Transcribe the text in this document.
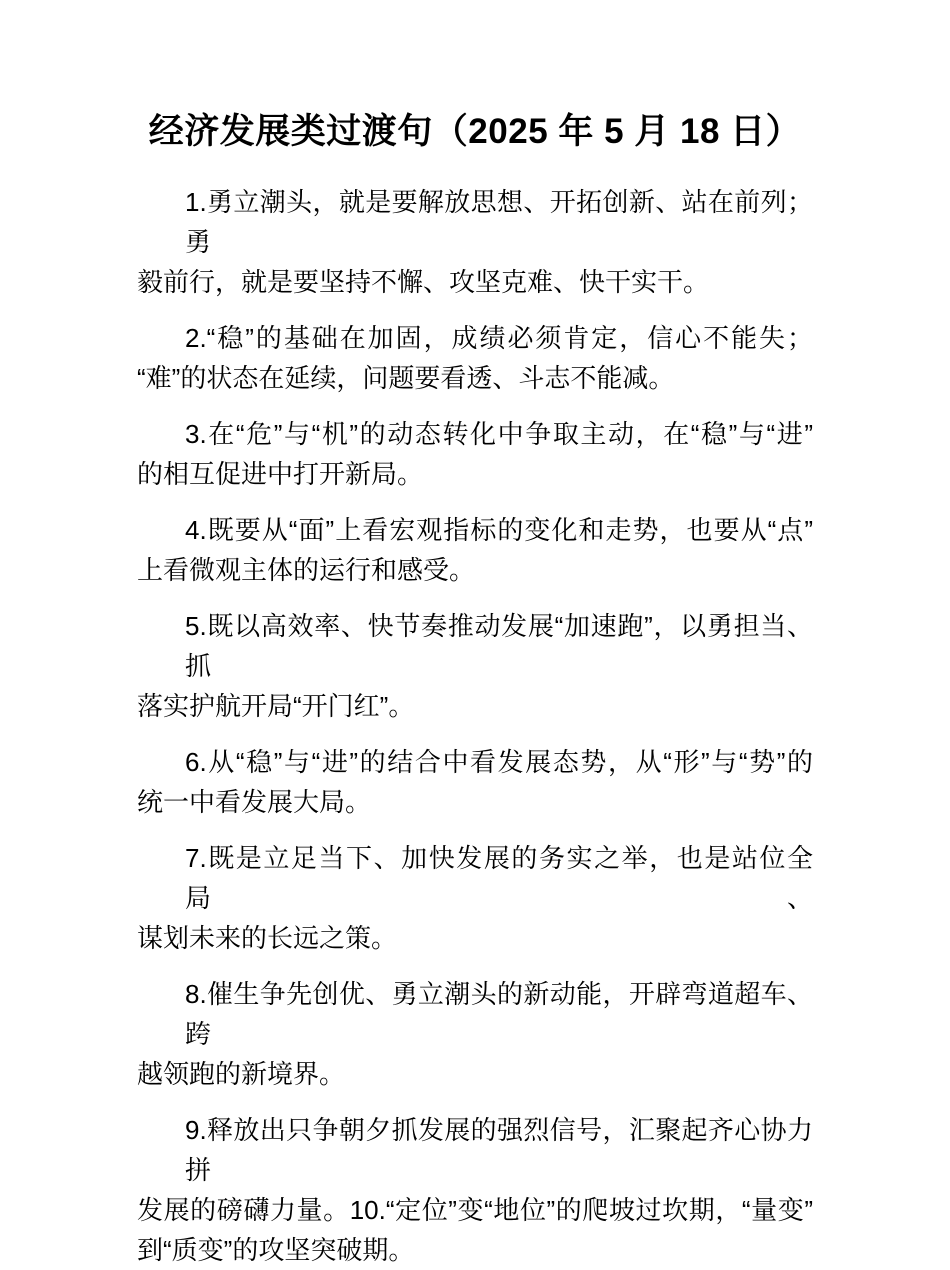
经济发展类过渡句（2025 年 5 月 18 日）
1.勇立潮头，就是要解放思想、开拓创新、站在前列；勇
毅前行，就是要坚持不懈、攻坚克难、快干实干。
2.“稳”的基础在加固，成绩必须肯定，信心不能失；
“难”的状态在延续，问题要看透、斗志不能减。
3.在“危”与“机”的动态转化中争取主动，在“稳”与“进”
的相互促进中打开新局。
4.既要从“面”上看宏观指标的变化和走势，也要从“点”
上看微观主体的运行和感受。
5.既以高效率、快节奏推动发展“加速跑”，以勇担当、抓
落实护航开局“开门红”。
6.从“稳”与“进”的结合中看发展态势，从“形”与“势”的
统一中看发展大局。
7.既是立足当下、加快发展的务实之举，也是站位全局、
谋划未来的长远之策。
8.催生争先创优、勇立潮头的新动能，开辟弯道超车、跨
越领跑的新境界。
9.释放出只争朝夕抓发展的强烈信号，汇聚起齐心协力拼
发展的磅礴力量。10.“定位”变“地位”的爬坡过坎期，“量变”
到“质变”的攻坚突破期。
